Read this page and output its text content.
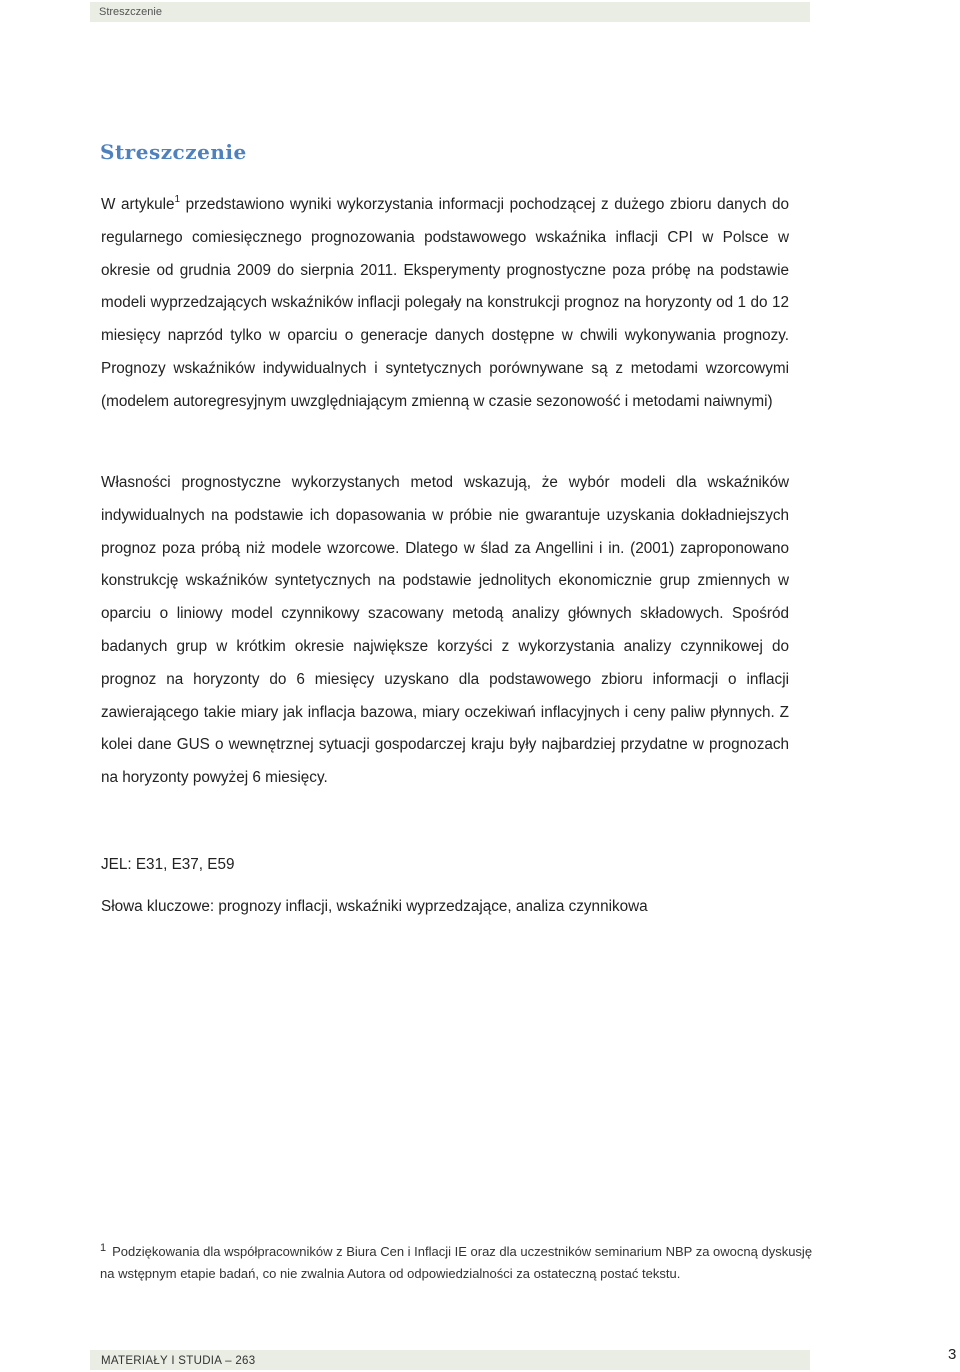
Streszczenie
Streszczenie

W artykule$^1$ przedstawiono wyniki wykorzystania informacji pochodzącej z dużego zbioru danych do regularnego comiesięcznego prognozowania podstawowego wskaźnika inflacji CPI w Polsce w okresie od grudnia 2009 do sierpnia 2011. Eksperymenty prognostyczne poza próbę na podstawie modeli wyprzedzających wskaźników inflacji polegały na konstrukcji prognoz na horyzonty od 1 do 12 miesięcy naprzód tylko w oparciu o generacje danych dostępne w chwili wykonywania prognozy. Prognozy wskaźników indywidualnych i syntetycznych porównywane są z metodami wzorcowymi (modelem autoregresyjnym uwzględniającym zmienną w czasie sezonowość i metodami naiwnymi)

Własności prognostyczne wykorzystanych metod wskazują, że wybór modeli dla wskaźników indywidualnych na podstawie ich dopasowania w próbie nie gwarantuje uzyskania dokładniejszych prognoz poza próbą niż modele wzorcowe. Dlatego w ślad za Angellini i in. (2001) zaproponowano konstrukcję wskaźników syntetycznych na podstawie jednolitych ekonomicznie grup zmiennych w oparciu o liniowy model czynnikowy szacowany metodą analizy głównych składowych. Spośród badanych grup w krótkim okresie największe korzyści z wykorzystania analizy czynnikowej do prognoz na horyzonty do 6 miesięcy uzyskano dla podstawowego zbioru informacji o inflacji zawierającego takie miary jak inflacja bazowa, miary oczekiwań inflacyjnych i ceny paliw płynnych. Z kolei dane GUS o wewnętrznej sytuacji gospodarczej kraju były najbardziej przydatne w prognozach na horyzonty powyżej 6 miesięcy.

JEL: E31, E37, E59

Słowa kluczowe: prognozy inflacji, wskaźniki wyprzedzające, analiza czynnikowa

$^1$ Podziękowania dla współpracowników z Biura Cen i Inflacji IE oraz dla uczestników seminarium NBP za owocną dyskusję na wstępnym etapie badań, co nie zwalnia Autora od odpowiedzialności za ostateczną postać tekstu.

MATERIAŁY I STUDIA – 263	3
